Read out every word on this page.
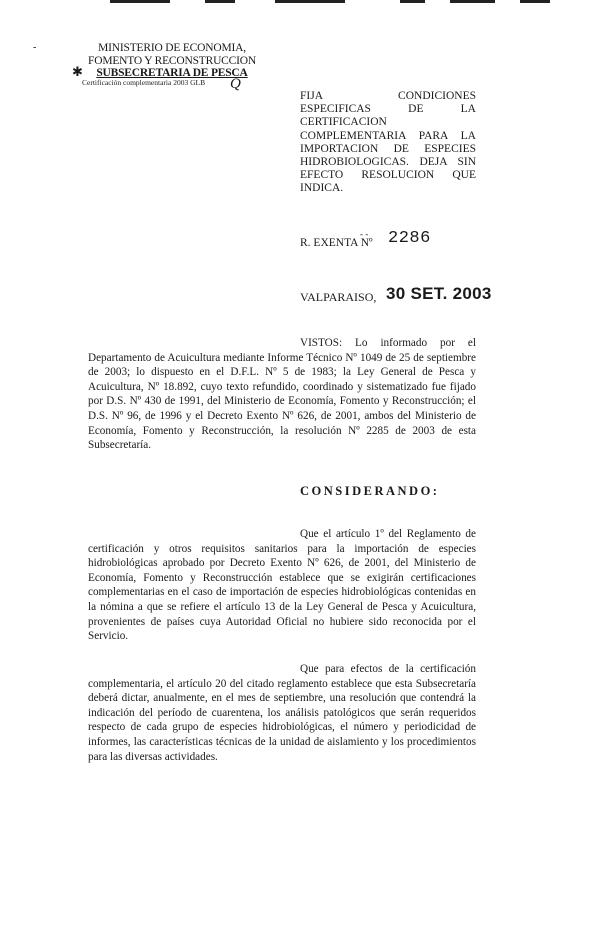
-	MINISTERIO DE ECONOMIA,
FOMENTO Y RECONSTRUCCION
SUBSECRETARIA DE PESCA
✱
Certificación complementaria 2003 GLB Q
FIJA CONDICIONES ESPECIFICAS DE LA CERTIFICACION COMPLEMENTARIA PARA LA IMPORTACION DE ESPECIES HIDROBIOLOGICAS. DEJA SIN EFECTO RESOLUCION QUE INDICA.
- -
R. EXENTA Nº 2286
VALPARAISO, 30 SET. 2003
VISTOS: Lo informado por el Departamento de Acuicultura mediante Informe Técnico Nº 1049 de 25 de septiembre de 2003; lo dispuesto en el D.F.L. Nº 5 de 1983; la Ley General de Pesca y Acuicultura, Nº 18.892, cuyo texto refundido, coordinado y sistematizado fue fijado por D.S. Nº 430 de 1991, del Ministerio de Economía, Fomento y Reconstrucción; el D.S. Nº 96, de 1996 y el Decreto Exento Nº 626, de 2001, ambos del Ministerio de Economía, Fomento y Reconstrucción, la resolución Nº 2285 de 2003 de esta Subsecretaría.
CONSIDERANDO:
Que el artículo 1º del Reglamento de certificación y otros requisitos sanitarios para la importación de especies hidrobiológicas aprobado por Decreto Exento Nº 626, de 2001, del Ministerio de Economía, Fomento y Reconstrucción establece que se exigirán certificaciones complementarias en el caso de importación de especies hidrobiológicas contenidas en la nómina a que se refiere el artículo 13 de la Ley General de Pesca y Acuicultura, provenientes de países cuya Autoridad Oficial no hubiere sido reconocida por el Servicio.
Que para efectos de la certificación complementaria, el artículo 20 del citado reglamento establece que esta Subsecretaría deberá dictar, anualmente, en el mes de septiembre, una resolución que contendrá la indicación del período de cuarentena, los análisis patológicos que serán requeridos respecto de cada grupo de especies hidrobiológicas, el número y periodicidad de informes, las características técnicas de la unidad de aislamiento y los procedimientos para las diversas actividades.
